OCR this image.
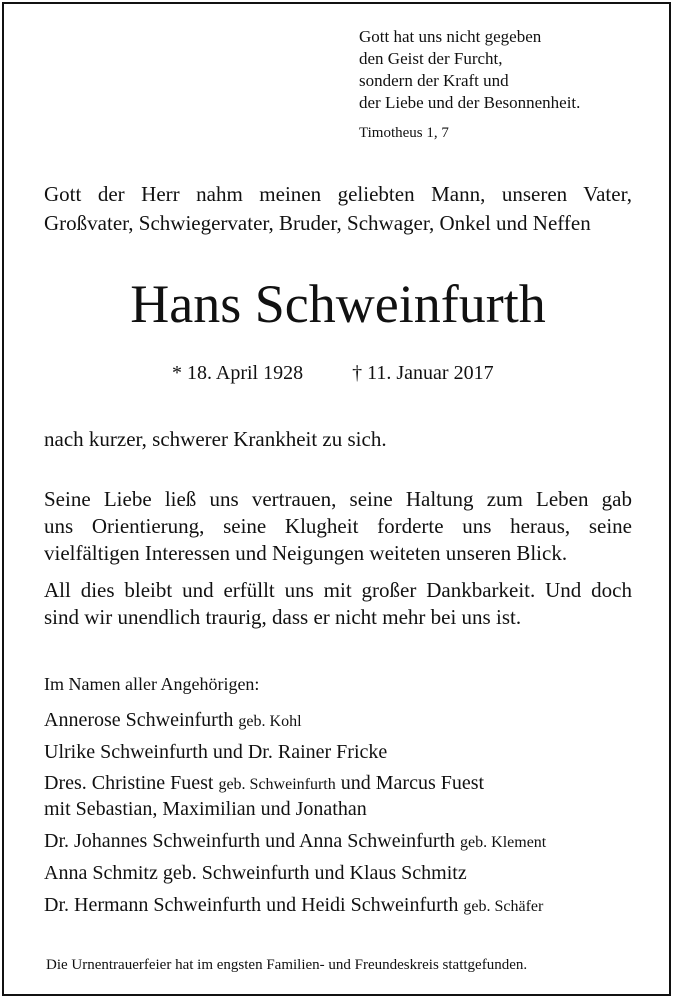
Gott hat uns nicht gegeben
den Geist der Furcht,
sondern der Kraft und
der Liebe und der Besonnenheit.
Timotheus 1, 7
Gott der Herr nahm meinen geliebten Mann, unseren Vater,
Großvater, Schwiegervater, Bruder, Schwager, Onkel und Neffen
Hans Schweinfurth
* 18. April 1928 † 11. Januar 2017
nach kurzer, schwerer Krankheit zu sich.
Seine Liebe ließ uns vertrauen, seine Haltung zum Leben gab
uns Orientierung, seine Klugheit forderte uns heraus, seine
vielfältigen Interessen und Neigungen weiteten unseren Blick.
All dies bleibt und erfüllt uns mit großer Dankbarkeit. Und doch
sind wir unendlich traurig, dass er nicht mehr bei uns ist.
Im Namen aller Angehörigen:
Annerose Schweinfurth geb. Kohl
Ulrike Schweinfurth und Dr. Rainer Fricke
Dres. Christine Fuest geb. Schweinfurth und Marcus Fuest
mit Sebastian, Maximilian und Jonathan
Dr. Johannes Schweinfurth und Anna Schweinfurth geb. Klement
Anna Schmitz geb. Schweinfurth und Klaus Schmitz
Dr. Hermann Schweinfurth und Heidi Schweinfurth geb. Schäfer
Die Urnentrauerfeier hat im engsten Familien- und Freundeskreis stattgefunden.
